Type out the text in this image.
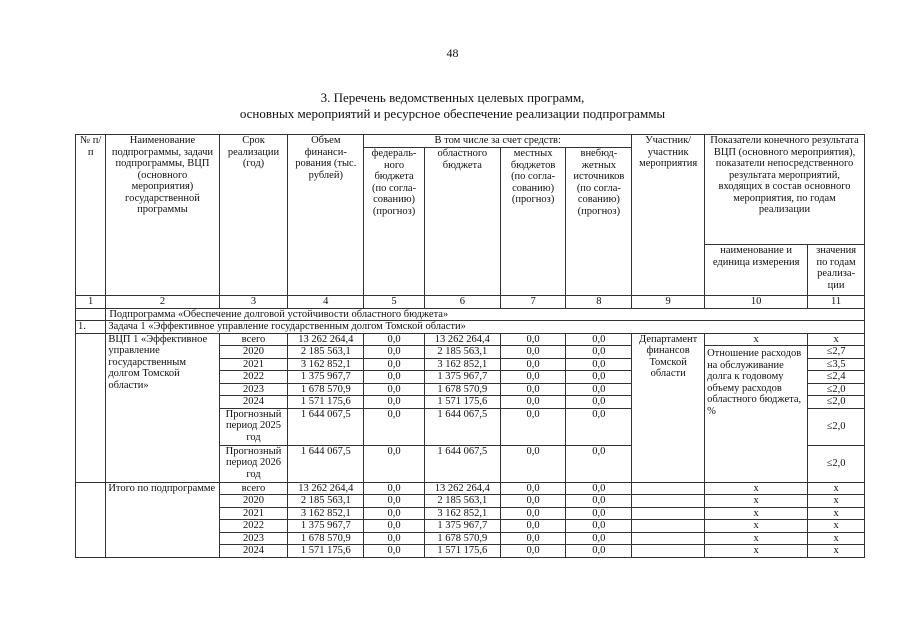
48
3. Перечень ведомственных целевых программ,
основных мероприятий и ресурсное обеспечение реализации подпрограммы
№ п/п	Наименование подпрограммы, задачи подпрограммы, ВЦП (основного мероприятия) государственной программы	Срок реализации (год)	Объем финанси-рования (тыс. рублей)	В том числе за счет средств:				Участник/ участник мероприятия	Показатели конечного результата ВЦП (основного мероприятия), показатели непосредственного результата мероприятий, входящих в состав основного мероприятия, по годам реализации	
				федераль-ного бюджета (по согла-сованию) (прогноз)	областного бюджета	местных бюджетов (по согла-сованию) (прогноз)	внебюд-жетных источников (по согла-сованию) (прогноз)			
									наименование и единица измерения	значения по годам реализа-ции
1	2	3	4	5	6	7	8	9	10	11
	Подпрограмма «Обеспечение долговой устойчивости областного бюджета»									
1.	Задача 1 «Эффективное управление государственным долгом Томской области»									
	ВЦП 1 «Эффективное управление государственным долгом Томской области»	всего	13 262 264,4	0,0	13 262 264,4	0,0	0,0	Департамент финансов Томской области	х	х
		2020	2 185 563,1	0,0	2 185 563,1	0,0	0,0		Отношение расходов на обслуживание долга к годовому объему расходов областного бюджета, %	≤2,7
		2021	3 162 852,1	0,0	3 162 852,1	0,0	0,0			≤3,5
		2022	1 375 967,7	0,0	1 375 967,7	0,0	0,0			≤2,4
		2023	1 678 570,9	0,0	1 678 570,9	0,0	0,0			≤2,0
		2024	1 571 175,6	0,0	1 571 175,6	0,0	0,0			≤2,0
		Прогнозный период 2025 год	1 644 067,5	0,0	1 644 067,5	0,0	0,0			≤2,0
		Прогнозный период 2026 год	1 644 067,5	0,0	1 644 067,5	0,0	0,0			≤2,0
	Итого по подпрограмме	всего	13 262 264,4	0,0	13 262 264,4	0,0	0,0		х	х
		2020	2 185 563,1	0,0	2 185 563,1	0,0	0,0		х	х
		2021	3 162 852,1	0,0	3 162 852,1	0,0	0,0		х	х
		2022	1 375 967,7	0,0	1 375 967,7	0,0	0,0		х	х
		2023	1 678 570,9	0,0	1 678 570,9	0,0	0,0		х	х
		2024	1 571 175,6	0,0	1 571 175,6	0,0	0,0		х	х
